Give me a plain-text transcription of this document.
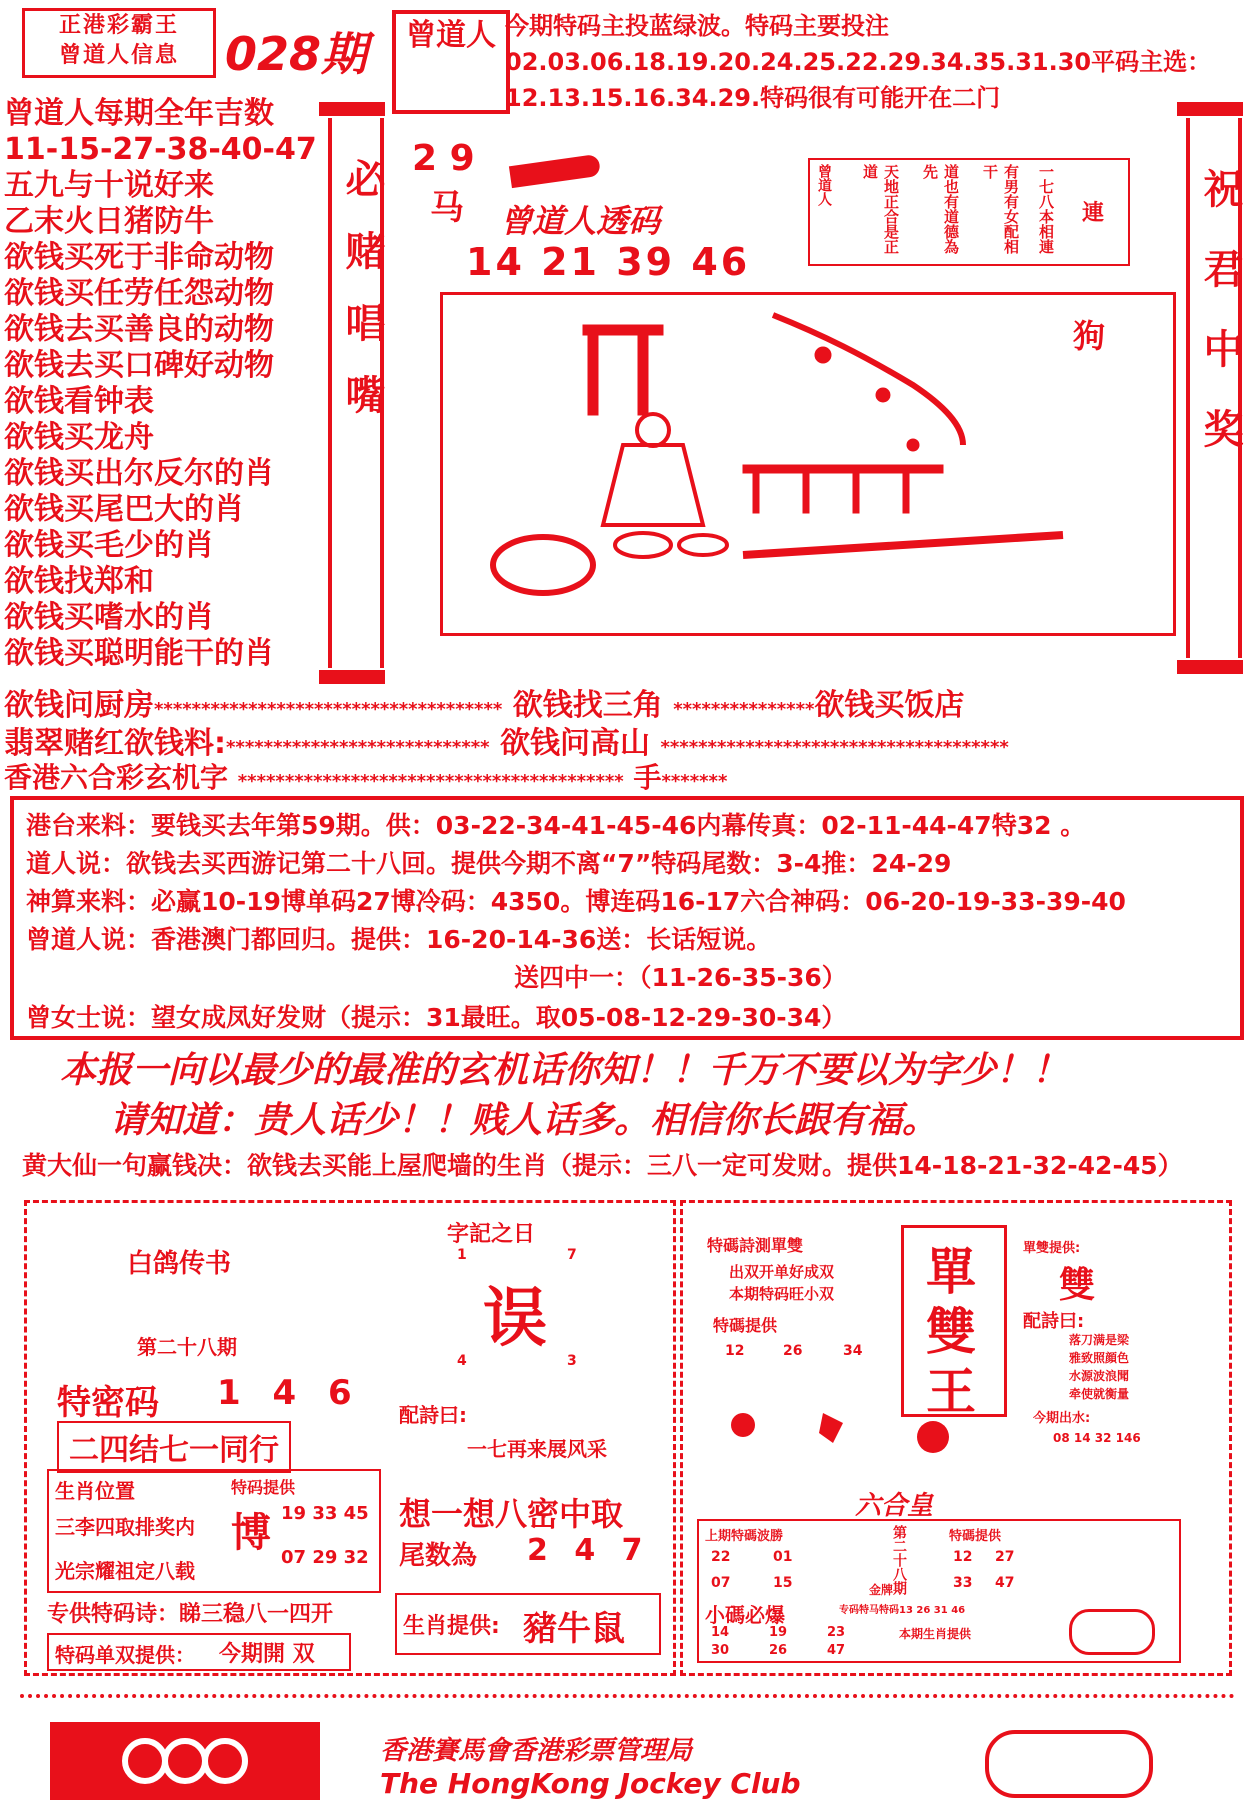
正港彩霸王
曾道人信息	028期	曾道人 今期特码主投蓝绿波。特码主要投注02.03.06.18.19.20.24.25.22.29.34.35.31.30平码主选：12.13.15.16.34.29.特码很有可能开在二门
曾道人每期全年吉数
11-15-27-38-40-47
五九与十说好来
乙末火日猪防牛
欲钱买死于非命动物
欲钱买任劳任怨动物
欲钱去买善良的动物
欲钱去买口碑好动物
欲钱看钟表
欲钱买龙舟
欲钱买出尔反尔的肖
欲钱买尾巴大的肖
欲钱买毛少的肖
欲钱找郑和
欲钱买嗜水的肖
欲钱买聪明能干的肖
必赌唱嘴	祝君中奖
2 9
马 曾道人透码
14 21 39 46
曾道人	天地正合是正道	道也有道德為先	有男有女配相干	一七八本相連 連
狗
欲钱问厨房************************************* 欲钱找三角 ***************欲钱买饭店
翡翠赌红欲钱料:**************************** 欲钱问高山 *************************************
香港六合彩玄机字 ***************************************** 手*******
港台来料：要钱买去年第59期。供：03-22-34-41-45-46内幕传真：02-11-44-47特32 。
道人说：欲钱去买西游记第二十八回。提供今期不离“7”特码尾数：3-4推：24-29
神算来料：必赢10-19博单码27博冷码：4350。博连码16-17六合神码：06-20-19-33-39-40
曾道人说：香港澳门都回归。提供：16-20-14-36送：长话短说。
送四中一：（11-26-35-36）
曾女士说：望女成凤好发财（提示：31最旺。取05-08-12-29-30-34）
本报一向以最少的最准的玄机话你知！！千万不要以为字少！！
请知道：贵人话少！！贱人话多。相信你长跟有福。
黄大仙一句赢钱决：欲钱去买能上屋爬墙的生肖（提示：三八一定可发财。提供14-18-21-32-42-45）
白鸽传书
第二十八期
特密码 1 4 6
二四结七一同行
生肖位置
三李四取排奖内
光宗耀祖定八载
特码提供
博 19 33 45
07 29 32
专供特码诗：睇三稳八一四开
特码单双提供： 今期開 双
字記之日
1	7
误
4	3
配詩曰:
一七再来展风采
想一想八密中取
尾数為 2 4 7
生肖提供: 豬牛鼠
特碼詩測單雙
出双开单好成双
本期特码旺小双
特碼提供
12	26	34
單
雙
王
單雙提供:
雙
配詩曰:
落刀满是梁
雅致照顔色
水源波浪聞
牵使就衡量
今期出水:
08 14 32 146
六合皇
上期特碼波勝
22	01
07	15	第二十八期
金牌
特碼提供
12 27
33 47
小碼必爆	专码特马特码13 26 31 46
14	19	23
30	26	47
本期生肖提供
香港賽馬會香港彩票管理局
The HongKong Jockey Club
